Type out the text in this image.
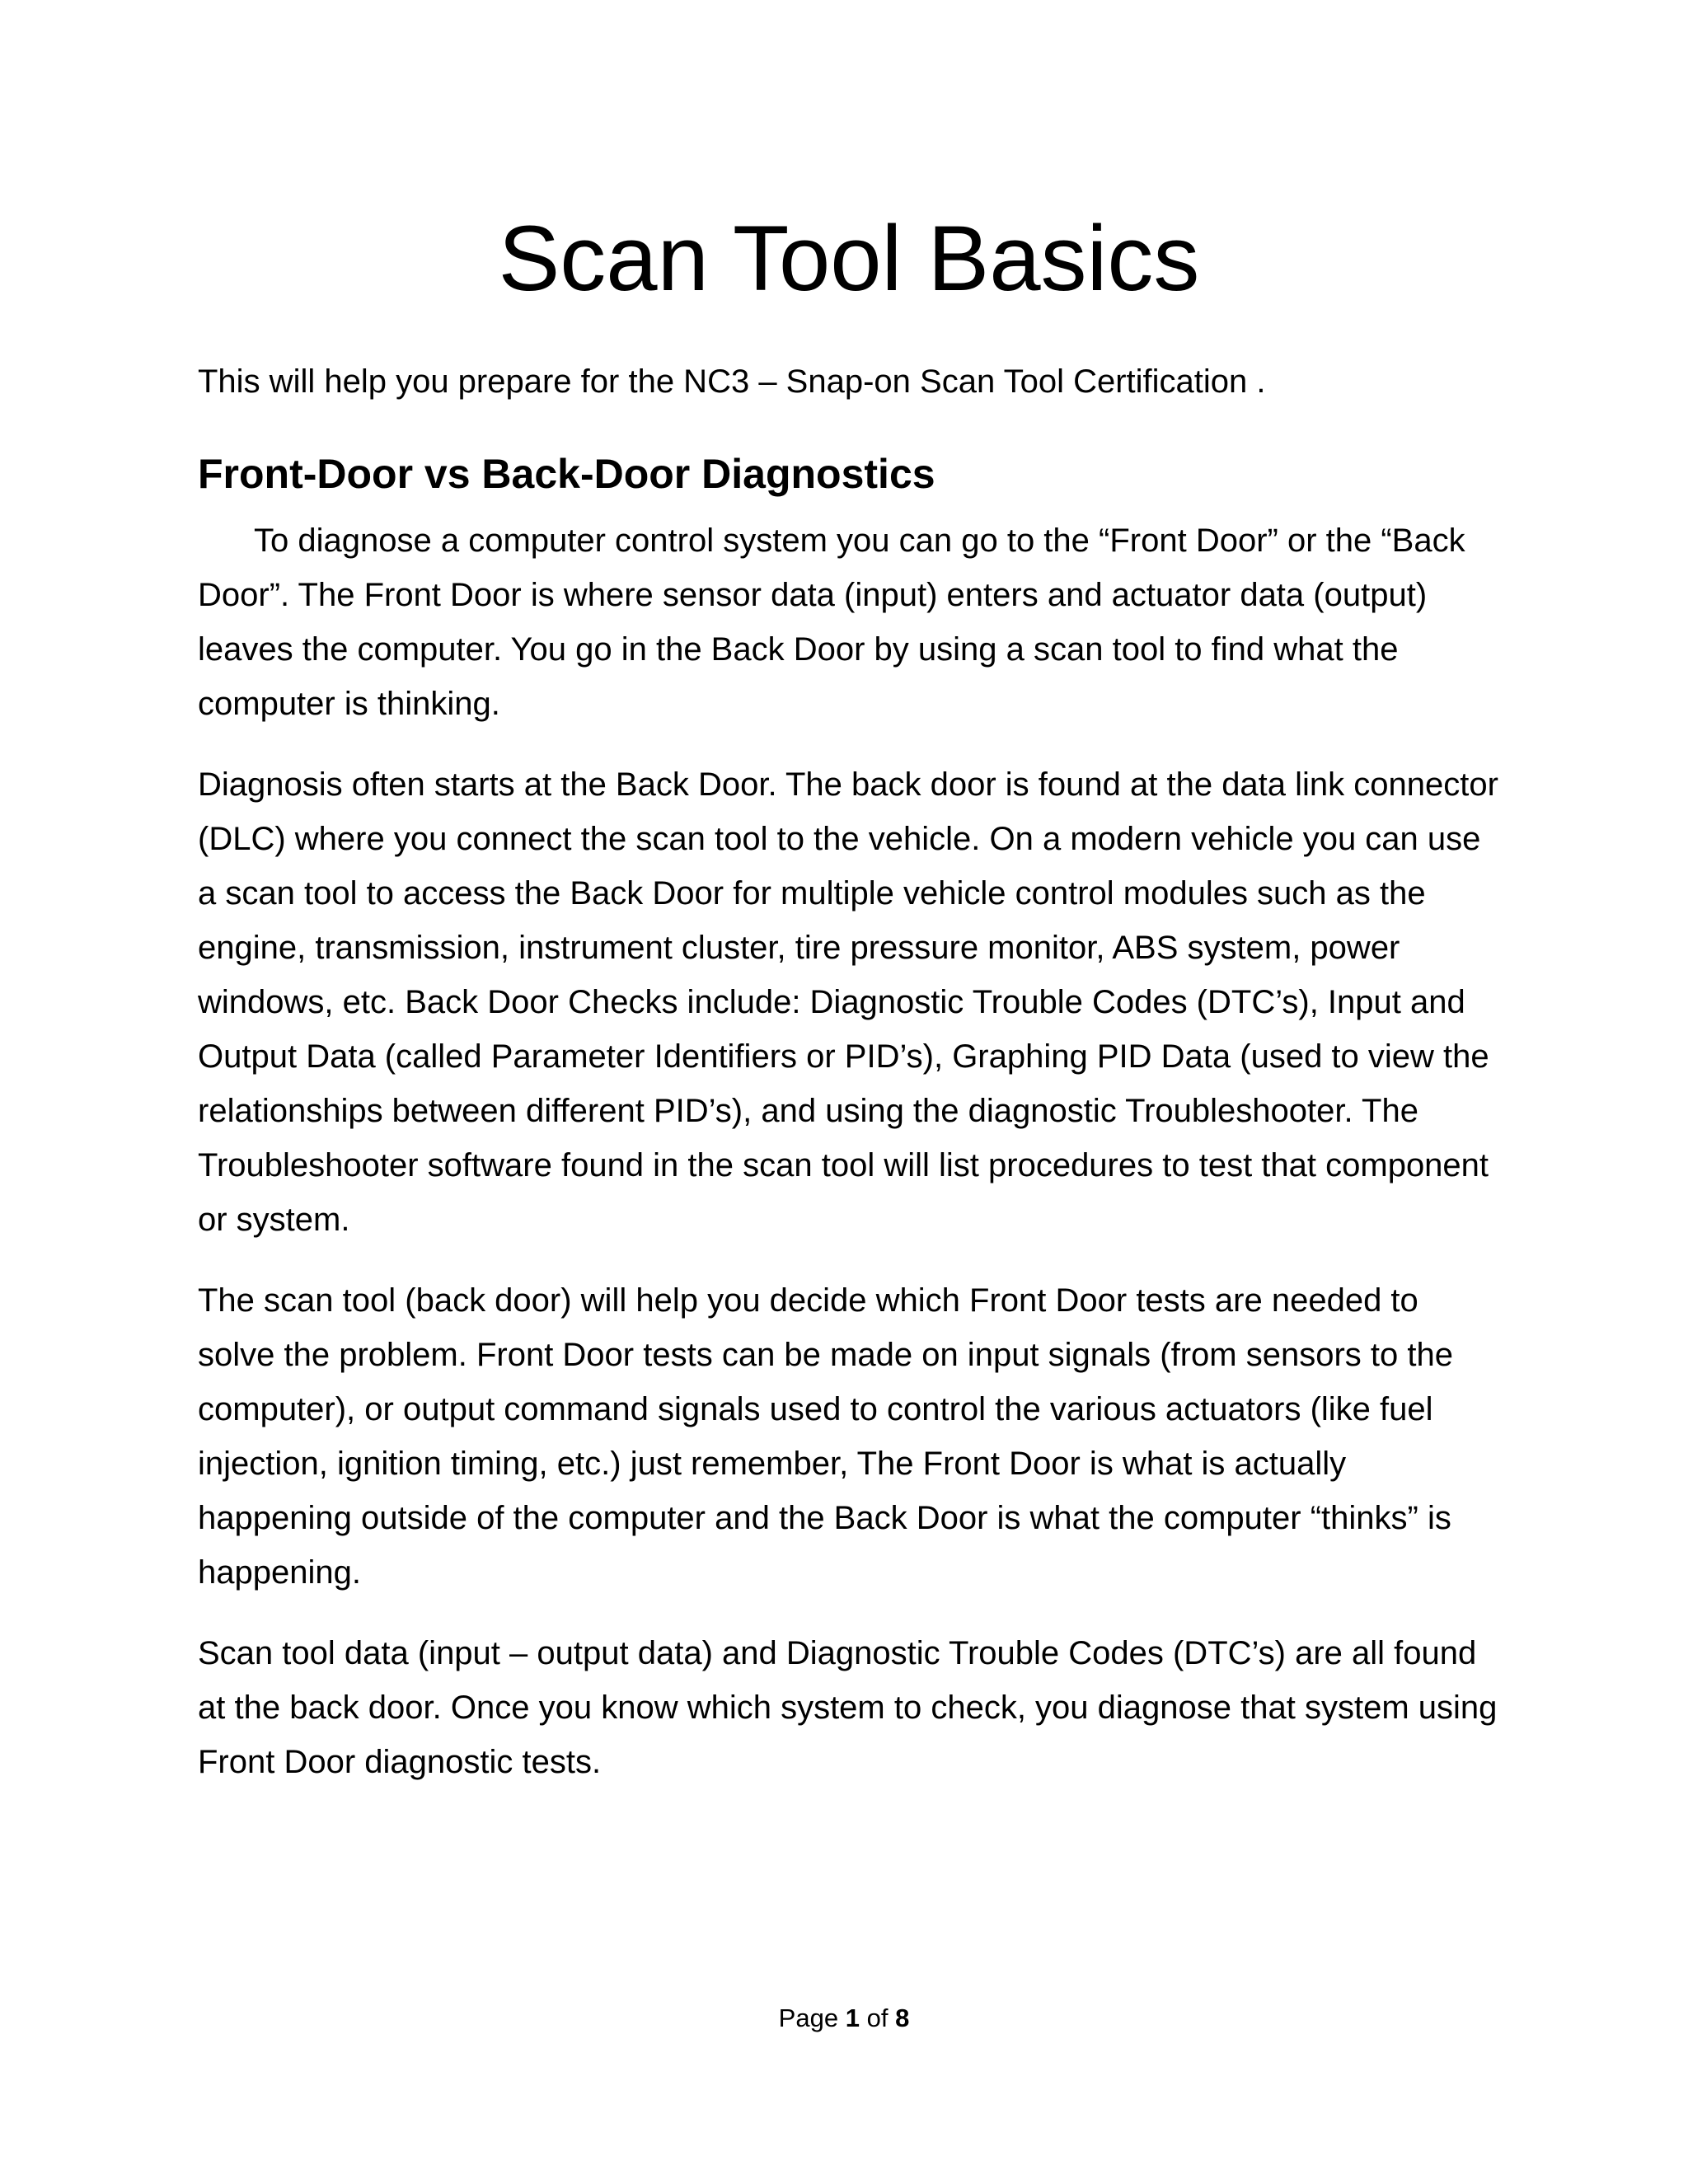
Scan Tool Basics

This will help you prepare for the NC3 – Snap-on Scan Tool Certification .

Front-Door vs Back-Door Diagnostics

To diagnose a computer control system you can go to the “Front Door” or the “Back Door”. The Front Door is where sensor data (input) enters and actuator data (output) leaves the computer. You go in the Back Door by using a scan tool to find what the computer is thinking.

Diagnosis often starts at the Back Door. The back door is found at the data link connector (DLC) where you connect the scan tool to the vehicle. On a modern vehicle you can use a scan tool to access the Back Door for multiple vehicle control modules such as the engine, transmission, instrument cluster, tire pressure monitor, ABS system, power windows, etc. Back Door Checks include: Diagnostic Trouble Codes (DTC’s), Input and Output Data (called Parameter Identifiers or PID’s), Graphing PID Data (used to view the relationships between different PID’s), and using the diagnostic Troubleshooter. The Troubleshooter software found in the scan tool will list procedures to test that component or system.

The scan tool (back door) will help you decide which Front Door tests are needed to solve the problem. Front Door tests can be made on input signals (from sensors to the computer), or output command signals used to control the various actuators (like fuel injection, ignition timing, etc.) just remember, The Front Door is what is actually happening outside of the computer and the Back Door is what the computer “thinks” is happening.

Scan tool data (input – output data) and Diagnostic Trouble Codes (DTC’s) are all found at the back door. Once you know which system to check, you diagnose that system using Front Door diagnostic tests.

Page 1 of 8
